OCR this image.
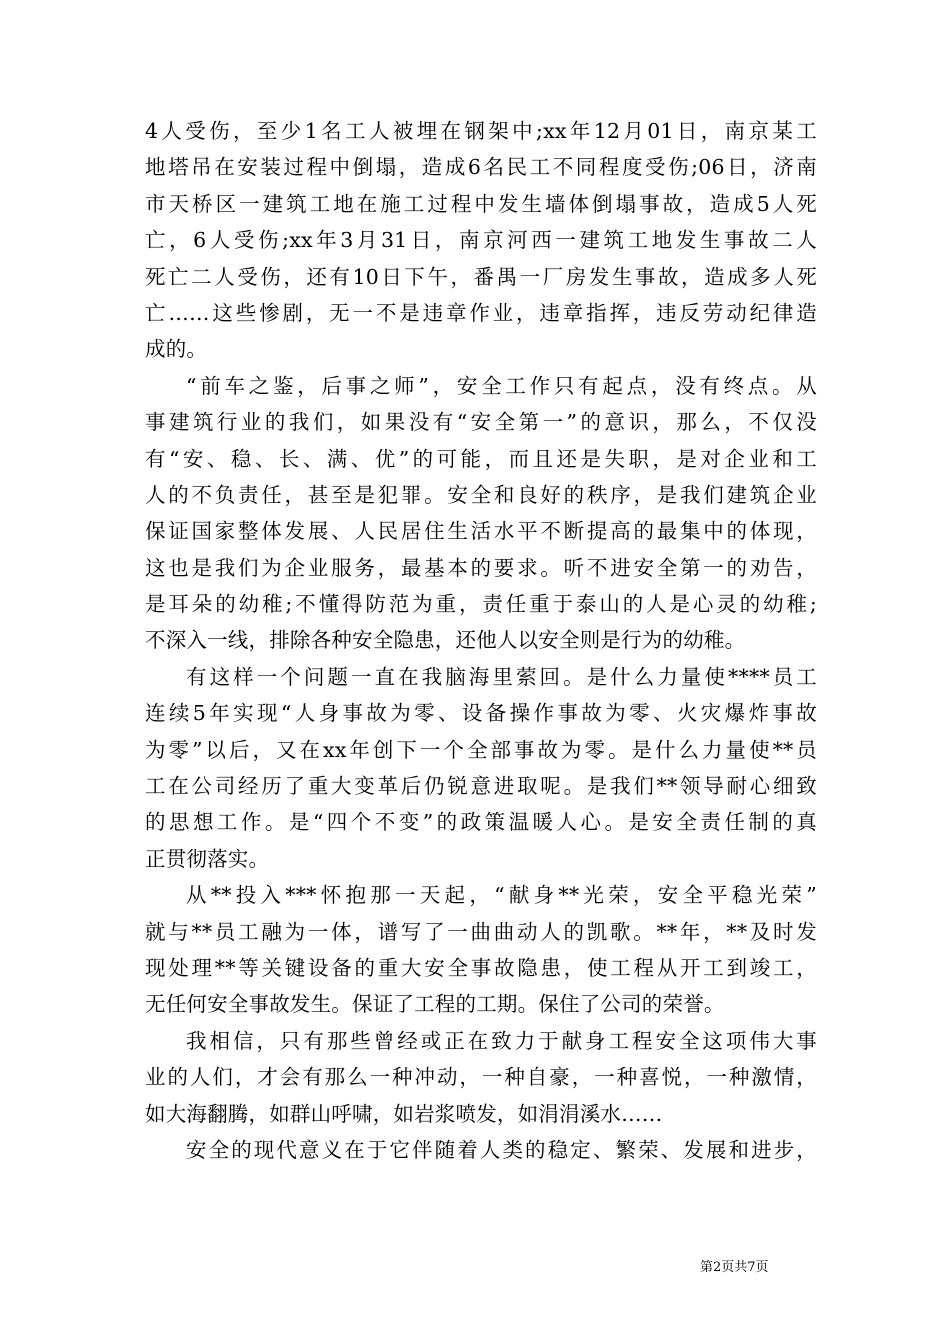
4人受伤，至少1名工人被埋在钢架中;xx年12月01日，南京某工
地塔吊在安装过程中倒塌，造成6名民工不同程度受伤;06日，济南
市天桥区一建筑工地在施工过程中发生墙体倒塌事故，造成5人死
亡，6人受伤;xx年3月31日，南京河西一建筑工地发生事故二人
死亡二人受伤，还有10日下午，番禺一厂房发生事故，造成多人死
亡……这些惨剧，无一不是违章作业，违章指挥，违反劳动纪律造
成的。
“前车之鉴，后事之师”，安全工作只有起点，没有终点。从
事建筑行业的我们，如果没有“安全第一”的意识，那么，不仅没
有“安、稳、长、满、优”的可能，而且还是失职，是对企业和工
人的不负责任，甚至是犯罪。安全和良好的秩序，是我们建筑企业
保证国家整体发展、人民居住生活水平不断提高的最集中的体现，
这也是我们为企业服务，最基本的要求。听不进安全第一的劝告，
是耳朵的幼稚;不懂得防范为重，责任重于泰山的人是心灵的幼稚;
不深入一线，排除各种安全隐患，还他人以安全则是行为的幼稚。
有这样一个问题一直在我脑海里萦回。是什么力量使****员工
连续5年实现“人身事故为零、设备操作事故为零、火灾爆炸事故
为零”以后，又在xx年创下一个全部事故为零。是什么力量使**员
工在公司经历了重大变革后仍锐意进取呢。是我们**领导耐心细致
的思想工作。是“四个不变”的政策温暖人心。是安全责任制的真
正贯彻落实。
从**投入***怀抱那一天起，“献身**光荣，安全平稳光荣”
就与**员工融为一体，谱写了一曲曲动人的凯歌。**年，**及时发
现处理**等关键设备的重大安全事故隐患，使工程从开工到竣工，
无任何安全事故发生。保证了工程的工期。保住了公司的荣誉。
我相信，只有那些曾经或正在致力于献身工程安全这项伟大事
业的人们，才会有那么一种冲动，一种自豪，一种喜悦，一种激情，
如大海翻腾，如群山呼啸，如岩浆喷发，如涓涓溪水……
安全的现代意义在于它伴随着人类的稳定、繁荣、发展和进步，
第2页共7页
